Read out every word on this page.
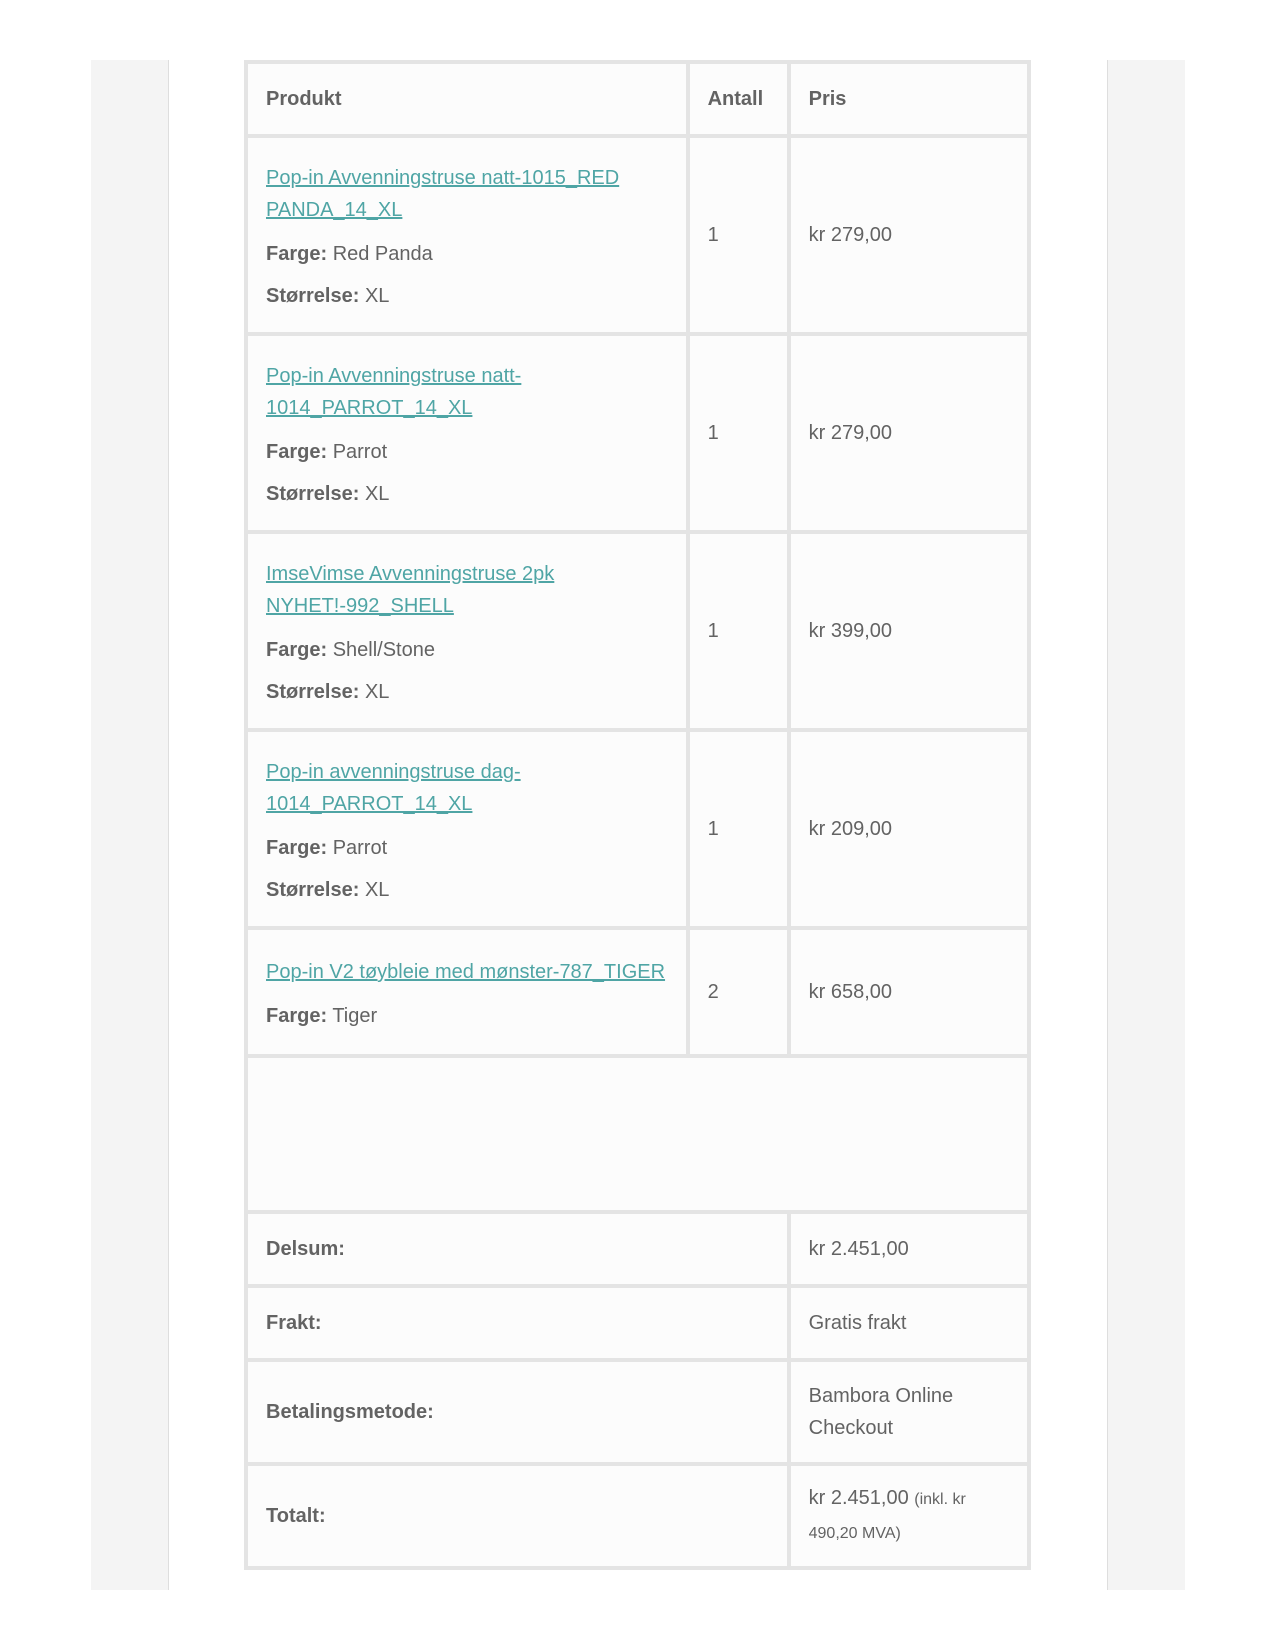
Produkt	Antall	Pris

Pop-in Avvenningstruse natt-1015_RED PANDA_14_XL
Farge: Red Panda
Størrelse: XL	1	kr 279,00

Pop-in Avvenningstruse natt-1014_PARROT_14_XL
Farge: Parrot
Størrelse: XL	1	kr 279,00

ImseVimse Avvenningstruse 2pk NYHET!-992_SHELL
Farge: Shell/Stone
Størrelse: XL	1	kr 399,00

Pop-in avvenningstruse dag-1014_PARROT_14_XL
Farge: Parrot
Størrelse: XL	1	kr 209,00

Pop-in V2 tøybleie med mønster-787_TIGER
Farge: Tiger	2	kr 658,00

Delsum:		kr 2.451,00
Frakt:		Gratis frakt
Betalingsmetode:		Bambora Online Checkout
Totalt:		kr 2.451,00 (inkl. kr 490,20 MVA)
